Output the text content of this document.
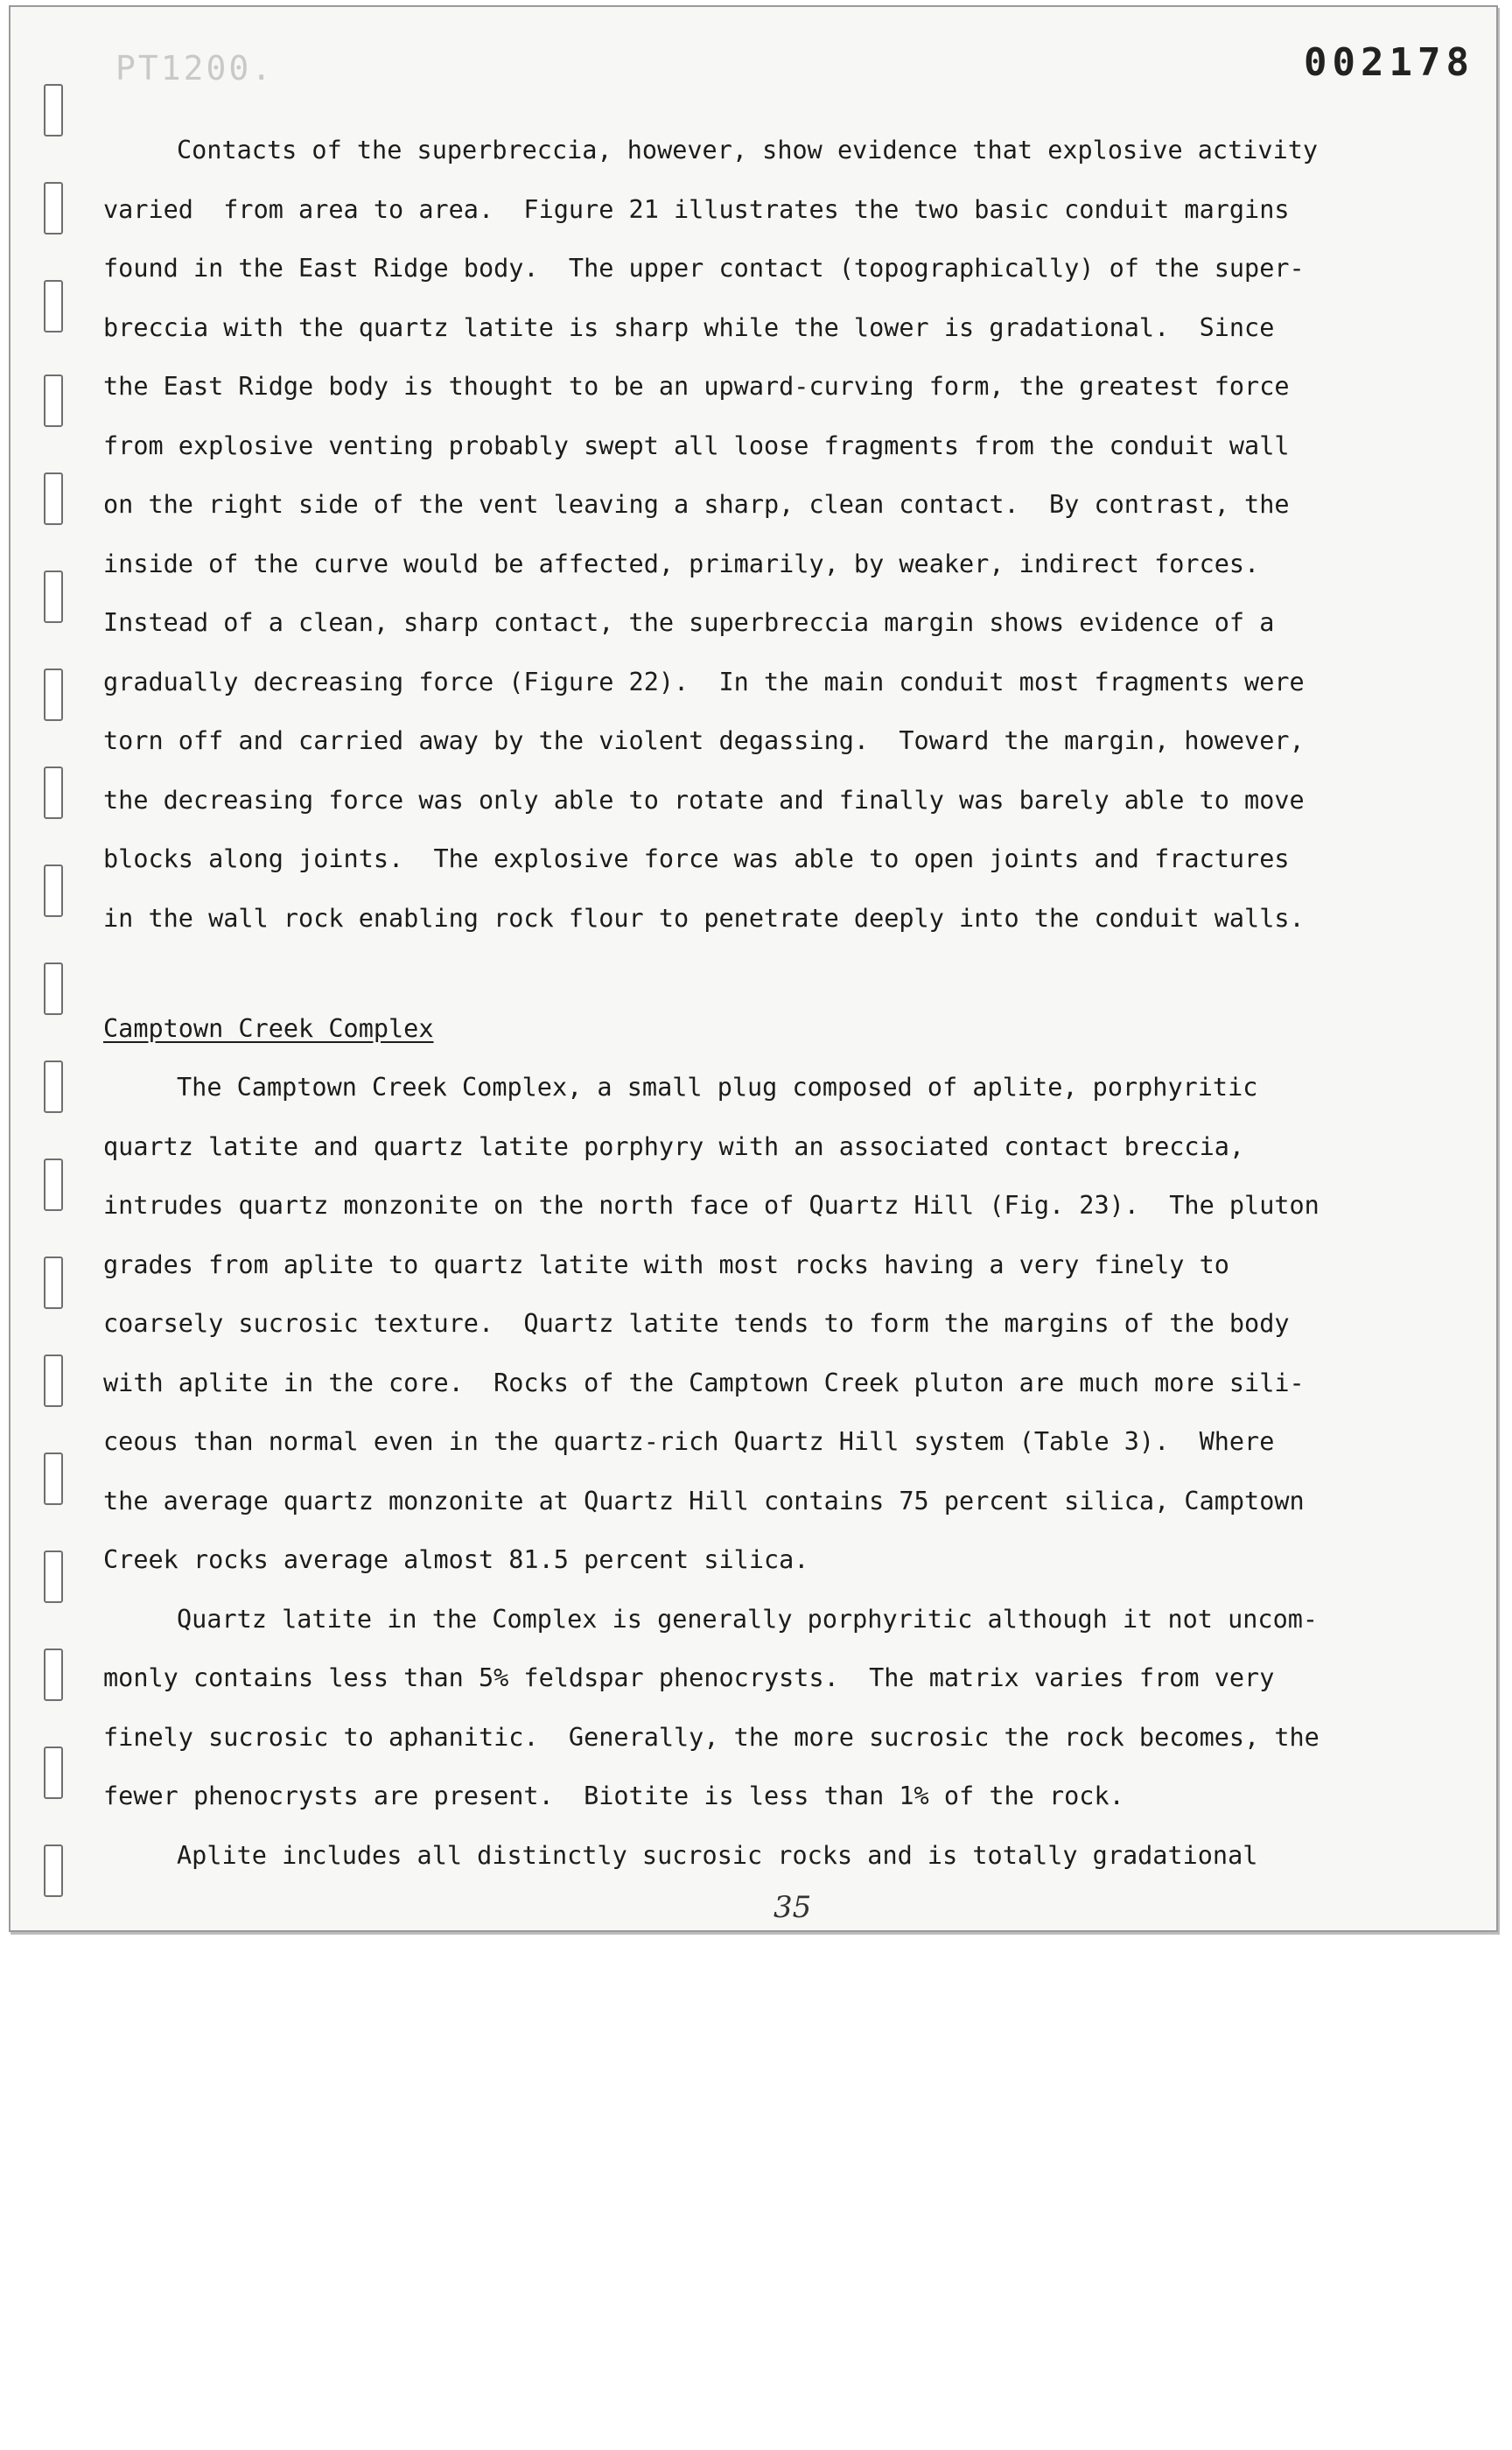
PT1200.	002178
Contacts of the superbreccia, however, show evidence that explosive activity
varied  from area to area.  Figure 21 illustrates the two basic conduit margins
found in the East Ridge body.  The upper contact (topographically) of the super-
breccia with the quartz latite is sharp while the lower is gradational.  Since
the East Ridge body is thought to be an upward-curving form, the greatest force
from explosive venting probably swept all loose fragments from the conduit wall
on the right side of the vent leaving a sharp, clean contact.  By contrast, the
inside of the curve would be affected, primarily, by weaker, indirect forces.
Instead of a clean, sharp contact, the superbreccia margin shows evidence of a
gradually decreasing force (Figure 22).  In the main conduit most fragments were
torn off and carried away by the violent degassing.  Toward the margin, however,
the decreasing force was only able to rotate and finally was barely able to move
blocks along joints.  The explosive force was able to open joints and fractures
in the wall rock enabling rock flour to penetrate deeply into the conduit walls.
Camptown Creek Complex
The Camptown Creek Complex, a small plug composed of aplite, porphyritic
quartz latite and quartz latite porphyry with an associated contact breccia,
intrudes quartz monzonite on the north face of Quartz Hill (Fig. 23).  The pluton
grades from aplite to quartz latite with most rocks having a very finely to
coarsely sucrosic texture.  Quartz latite tends to form the margins of the body
with aplite in the core.  Rocks of the Camptown Creek pluton are much more sili-
ceous than normal even in the quartz-rich Quartz Hill system (Table 3).  Where
the average quartz monzonite at Quartz Hill contains 75 percent silica, Camptown
Creek rocks average almost 81.5 percent silica.
Quartz latite in the Complex is generally porphyritic although it not uncom-
monly contains less than 5% feldspar phenocrysts.  The matrix varies from very
finely sucrosic to aphanitic.  Generally, the more sucrosic the rock becomes, the
fewer phenocrysts are present.  Biotite is less than 1% of the rock.
Aplite includes all distinctly sucrosic rocks and is totally gradational
35
